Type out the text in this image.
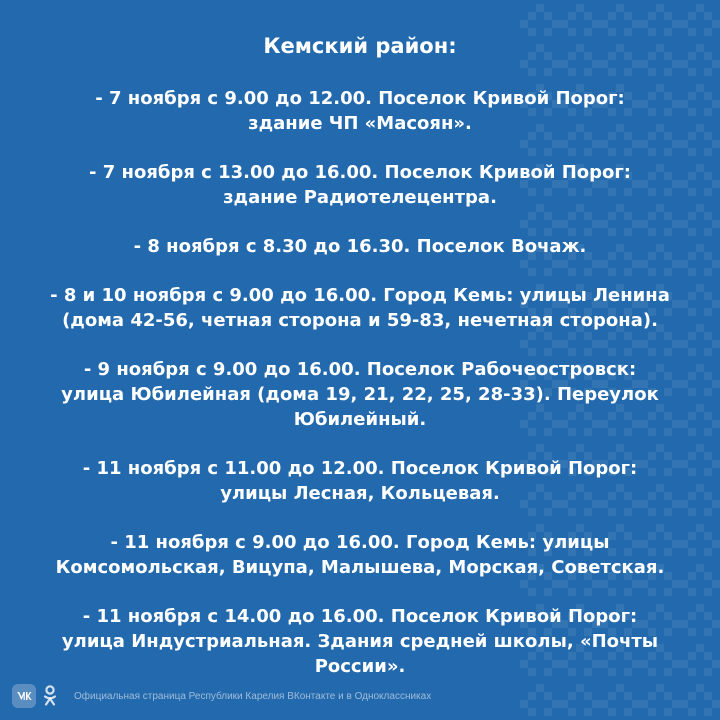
Кемский район:
- 7 ноября с 9.00 до 12.00. Поселок Кривой Порог:
здание ЧП «Масоян».
- 7 ноября с 13.00 до 16.00. Поселок Кривой Порог:
здание Радиотелецентра.
- 8 ноября с 8.30 до 16.30. Поселок Вочаж.
- 8 и 10 ноября с 9.00 до 16.00. Город Кемь: улицы Ленина
(дома 42-56, четная сторона и 59-83, нечетная сторона).
- 9 ноября с 9.00 до 16.00. Поселок Рабочеостровск:
улица Юбилейная (дома 19, 21, 22, 25, 28-33). Переулок
Юбилейный.
- 11 ноября с 11.00 до 12.00. Поселок Кривой Порог:
улицы Лесная, Кольцевая.
- 11 ноября с 9.00 до 16.00. Город Кемь: улицы
Комсомольская, Вицупа, Малышева, Морская, Советская.
- 11 ноября с 14.00 до 16.00. Поселок Кривой Порог:
улица Индустриальная. Здания средней школы, «Почты
России».
Официальная страница Республики Карелия ВКонтакте и в Одноклассниках
